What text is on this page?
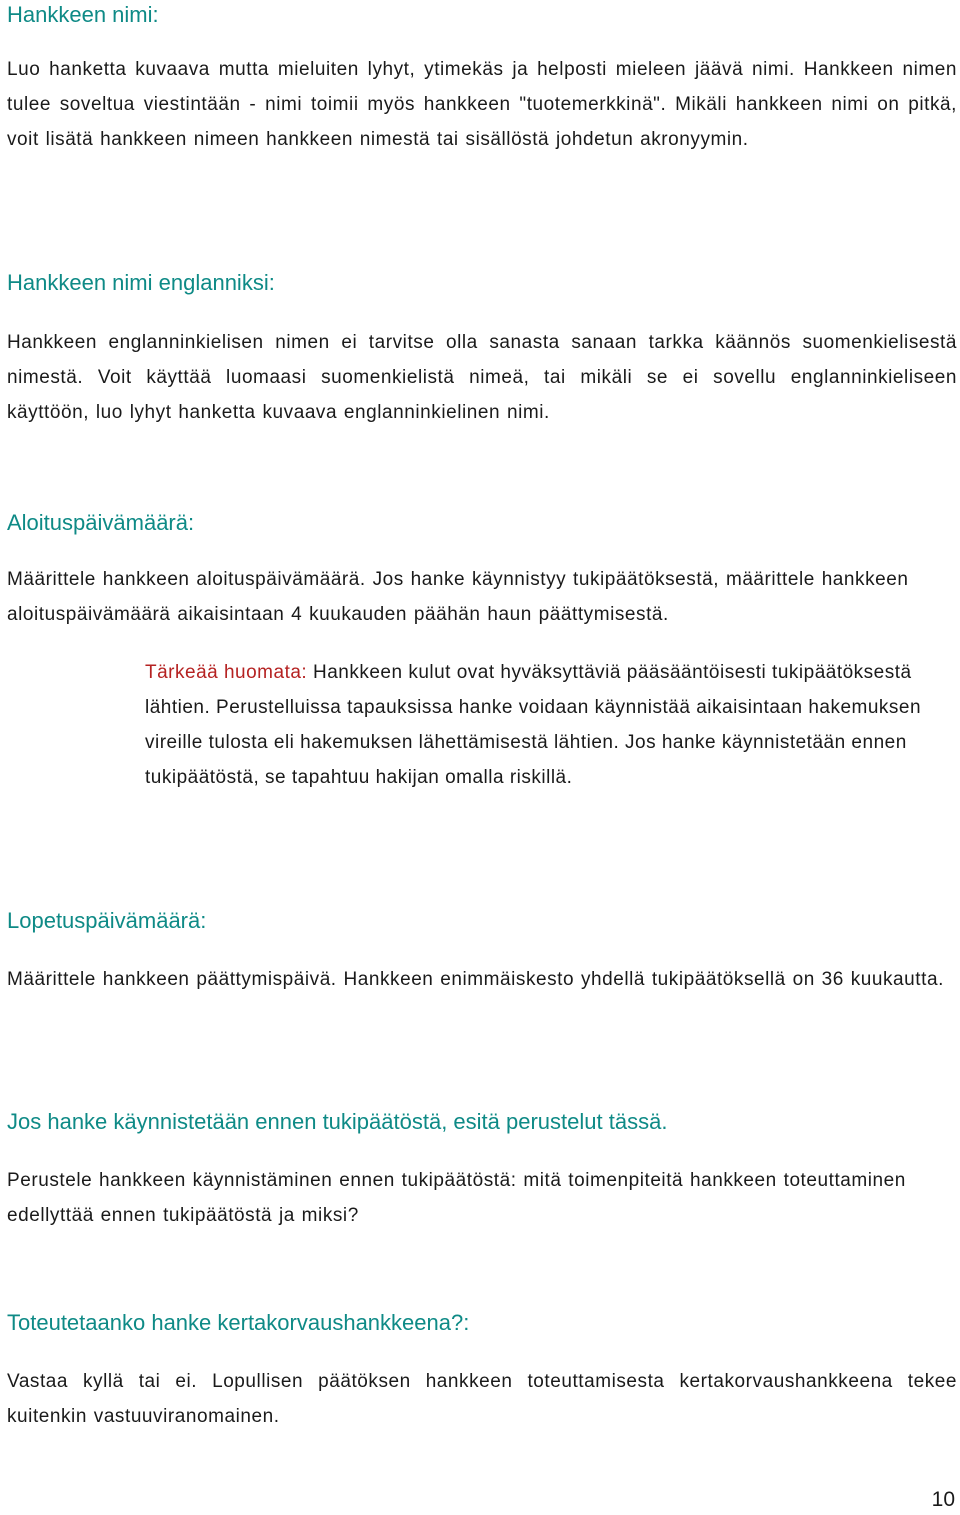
Hankkeen nimi:

Luo hanketta kuvaava mutta mieluiten lyhyt, ytimekäs ja helposti mieleen jäävä nimi. Hankkeen nimen tulee soveltua viestintään - nimi toimii myös hankkeen "tuotemerkkinä". Mikäli hankkeen nimi on pitkä, voit lisätä hankkeen nimeen hankkeen nimestä tai sisällöstä johdetun akronyymin.

Hankkeen nimi englanniksi:

Hankkeen englanninkielisen nimen ei tarvitse olla sanasta sanaan tarkka käännös suomenkielisestä nimestä. Voit käyttää luomaasi suomenkielistä nimeä, tai mikäli se ei sovellu englanninkieliseen käyttöön, luo lyhyt hanketta kuvaava englanninkielinen nimi.

Aloituspäivämäärä:

Määrittele hankkeen aloituspäivämäärä. Jos hanke käynnistyy tukipäätöksestä, määrittele hankkeen aloituspäivämäärä aikaisintaan 4 kuukauden päähän haun päättymisestä.

Tärkeää huomata: Hankkeen kulut ovat hyväksyttäviä pääsääntöisesti tukipäätöksestä lähtien. Perustelluissa tapauksissa hanke voidaan käynnistää aikaisintaan hakemuksen vireille tulosta eli hakemuksen lähettämisestä lähtien. Jos hanke käynnistetään ennen tukipäätöstä, se tapahtuu hakijan omalla riskillä.
Lopetuspäivämäärä:

Määrittele hankkeen päättymispäivä. Hankkeen enimmäiskesto yhdellä tukipäätöksellä on 36 kuukautta.

Jos hanke käynnistetään ennen tukipäätöstä, esitä perustelut tässä.

Perustele hankkeen käynnistäminen ennen tukipäätöstä: mitä toimenpiteitä hankkeen toteuttaminen edellyttää ennen tukipäätöstä ja miksi?

Toteutetaanko hanke kertakorvaushankkeena?:

Vastaa kyllä tai ei. Lopullisen päätöksen hankkeen toteuttamisesta kertakorvaushankkeena tekee kuitenkin vastuuviranomainen.

10
